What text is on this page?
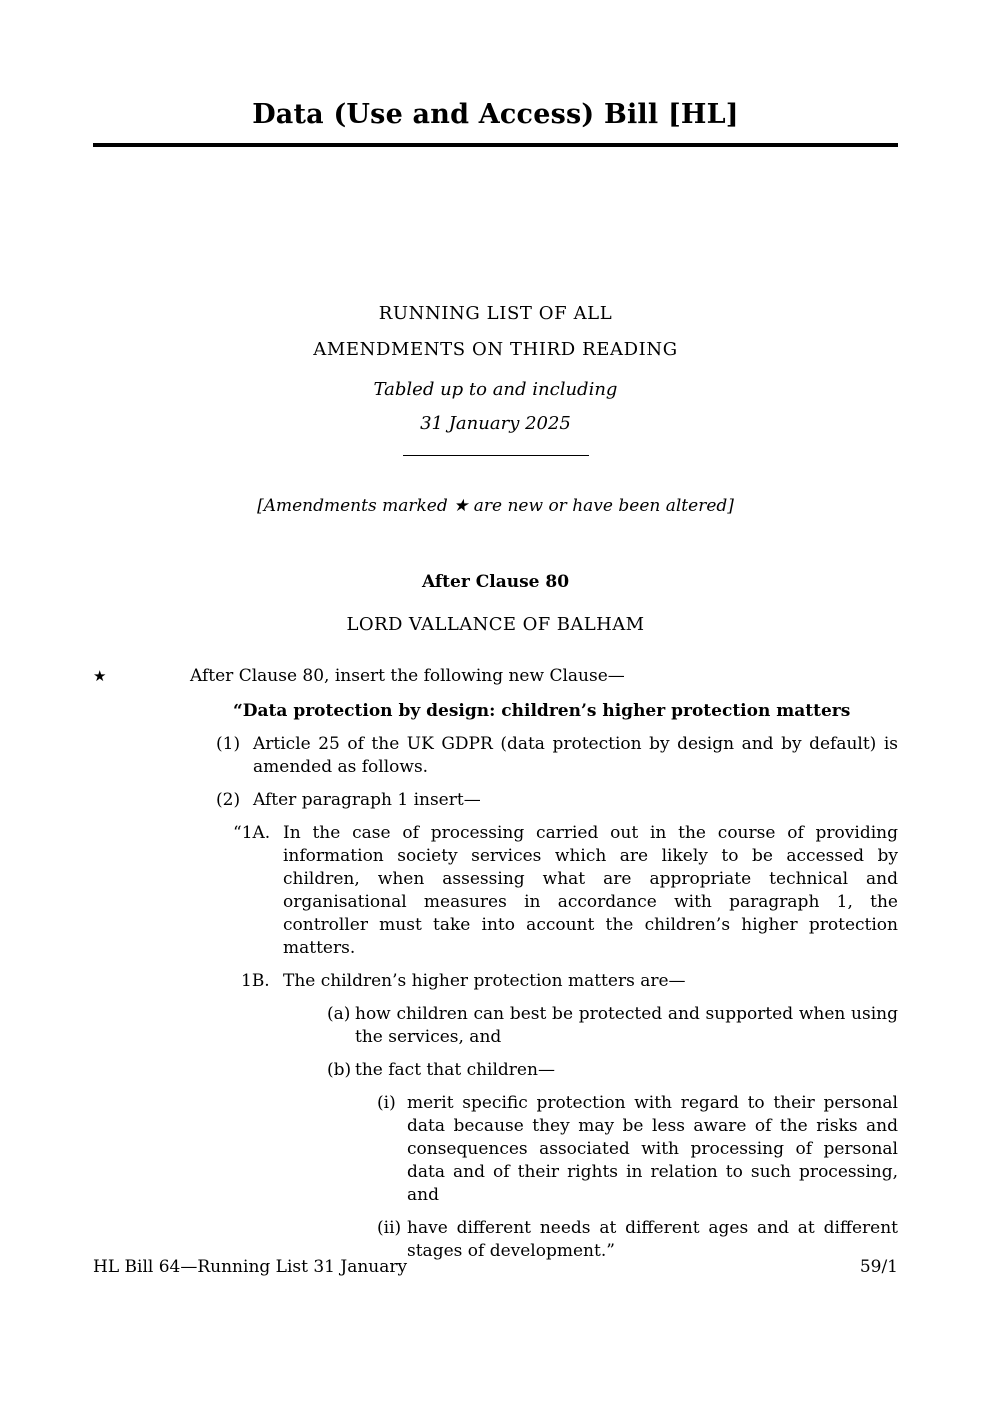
Data (Use and Access) Bill [HL]
RUNNING LIST OF ALL
AMENDMENTS ON THIRD READING
Tabled up to and including
31 January 2025
[Amendments marked ★ are new or have been altered]
After Clause 80
LORD VALLANCE OF BALHAM
★	After Clause 80, insert the following new Clause—
“Data protection by design: children’s higher protection matters
(1) Article 25 of the UK GDPR (data protection by design and by default) is amended as follows.
(2) After paragraph 1 insert—
“1A. In the case of processing carried out in the course of providing information society services which are likely to be accessed by children, when assessing what are appropriate technical and organisational measures in accordance with paragraph 1, the controller must take into account the children’s higher protection matters.
1B. The children’s higher protection matters are—
(a) how children can best be protected and supported when using the services, and
(b) the fact that children—
(i) merit specific protection with regard to their personal data because they may be less aware of the risks and consequences associated with processing of personal data and of their rights in relation to such processing, and
(ii) have different needs at different ages and at different stages of development.”
HL Bill 64—Running List 31 January	59/1
